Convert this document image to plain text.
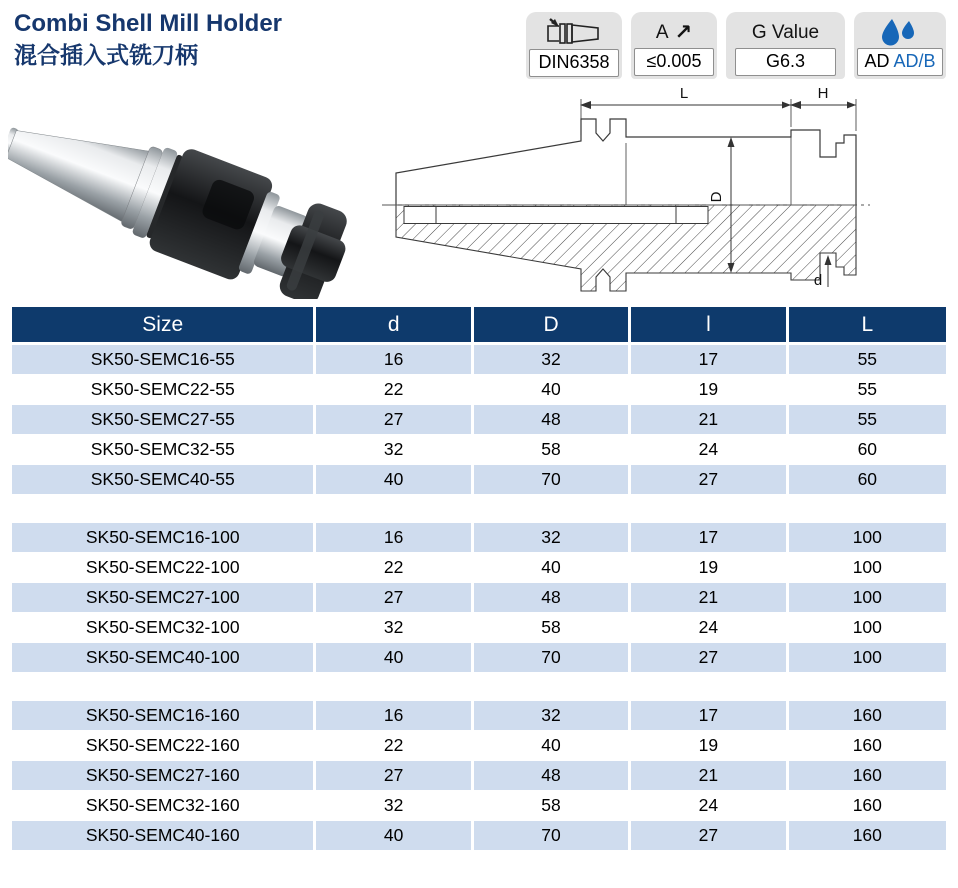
Combi Shell Mill Holder
混合插入式铣刀柄	DIN6358
A ↗
≤0.005
G Value
G6.3	AD AD/B
L	H
D
d
Size	d	D	l	L
SK50-SEMC16-55	16	32	17	55
SK50-SEMC22-55	22	40	19	55
SK50-SEMC27-55	27	48	21	55
SK50-SEMC32-55	32	58	24	60
SK50-SEMC40-55	40	70	27	60

SK50-SEMC16-100	16	32	17	100
SK50-SEMC22-100	22	40	19	100
SK50-SEMC27-100	27	48	21	100
SK50-SEMC32-100	32	58	24	100
SK50-SEMC40-100	40	70	27	100

SK50-SEMC16-160	16	32	17	160
SK50-SEMC22-160	22	40	19	160
SK50-SEMC27-160	27	48	21	160
SK50-SEMC32-160	32	58	24	160
SK50-SEMC40-160	40	70	27	160
